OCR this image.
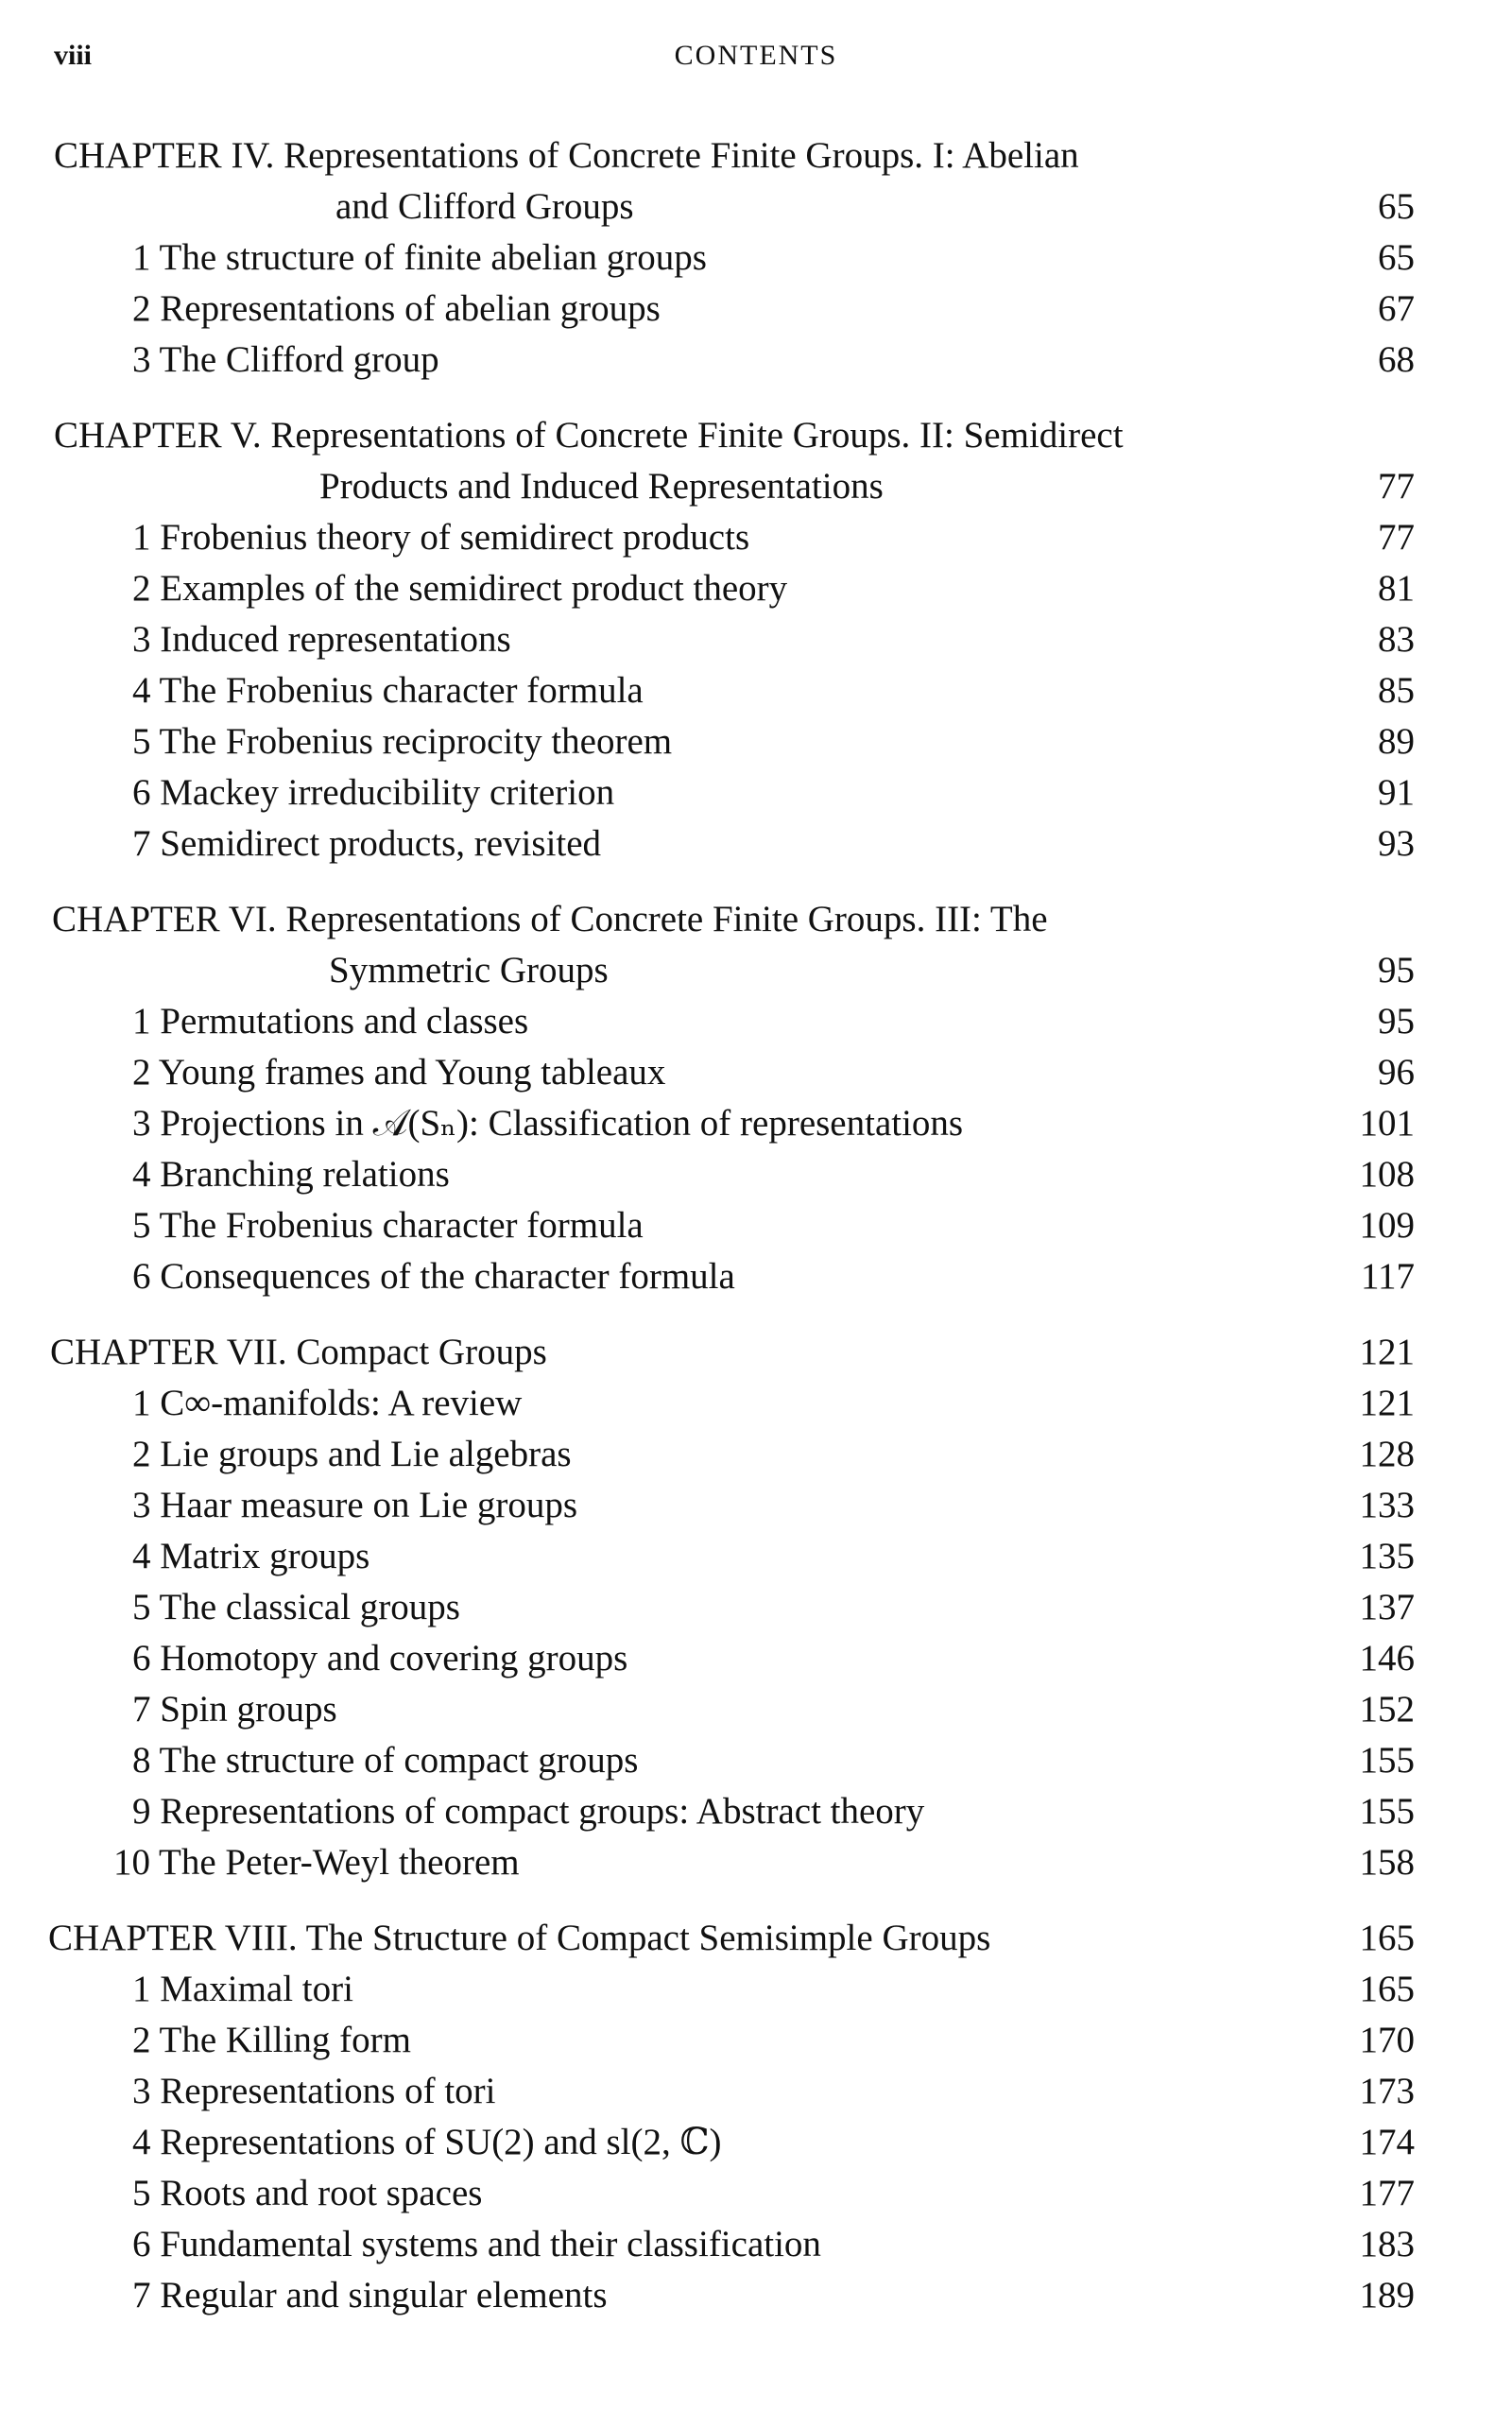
viii	CONTENTS
CHAPTER IV. Representations of Concrete Finite Groups. I: Abelian
and Clifford Groups	65
1 The structure of finite abelian groups	65
2 Representations of abelian groups	67
3 The Clifford group	68
CHAPTER V. Representations of Concrete Finite Groups. II: Semidirect
Products and Induced Representations	77
1 Frobenius theory of semidirect products	77
2 Examples of the semidirect product theory	81
3 Induced representations	83
4 The Frobenius character formula	85
5 The Frobenius reciprocity theorem	89
6 Mackey irreducibility criterion	91
7 Semidirect products, revisited	93
CHAPTER VI. Representations of Concrete Finite Groups. III: The
Symmetric Groups	95
1 Permutations and classes	95
2 Young frames and Young tableaux	96
3 Projections in 𝒜(Sₙ): Classification of representations	101
4 Branching relations	108
5 The Frobenius character formula	109
6 Consequences of the character formula	117
CHAPTER VII. Compact Groups	121
1 C∞-manifolds: A review	121
2 Lie groups and Lie algebras	128
3 Haar measure on Lie groups	133
4 Matrix groups	135
5 The classical groups	137
6 Homotopy and covering groups	146
7 Spin groups	152
8 The structure of compact groups	155
9 Representations of compact groups: Abstract theory	155
10 The Peter-Weyl theorem	158
CHAPTER VIII. The Structure of Compact Semisimple Groups	165
1 Maximal tori	165
2 The Killing form	170
3 Representations of tori	173
4 Representations of SU(2) and sl(2, ℂ)	174
5 Roots and root spaces	177
6 Fundamental systems and their classification	183
7 Regular and singular elements	189
